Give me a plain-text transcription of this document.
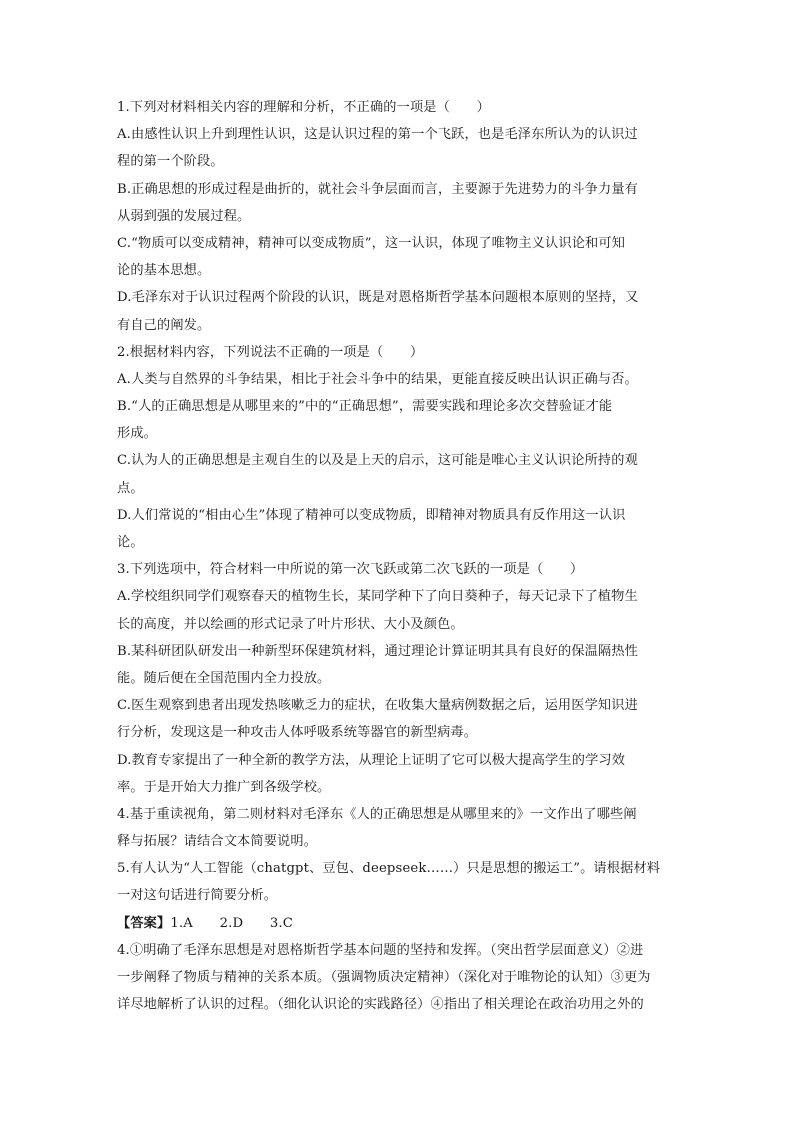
1.下列对材料相关内容的理解和分析，不正确的一项是（　　）
A.由感性认识上升到理性认识，这是认识过程的第一个飞跃，也是毛泽东所认为的认识过
程的第一个阶段。
B.正确思想的形成过程是曲折的，就社会斗争层面而言，主要源于先进势力的斗争力量有
从弱到强的发展过程。
C.“物质可以变成精神，精神可以变成物质”，这一认识，体现了唯物主义认识论和可知
论的基本思想。
D.毛泽东对于认识过程两个阶段的认识，既是对恩格斯哲学基本问题根本原则的坚持，又
有自己的阐发。
2.根据材料内容，下列说法不正确的一项是（　　）
A.人类与自然界的斗争结果，相比于社会斗争中的结果，更能直接反映出认识正确与否。
B.“人的正确思想是从哪里来的”中的“正确思想”，需要实践和理论多次交替验证才能
形成。
C.认为人的正确思想是主观自生的以及是上天的启示，这可能是唯心主义认识论所持的观
点。
D.人们常说的“相由心生”体现了精神可以变成物质，即精神对物质具有反作用这一认识
论。
3.下列选项中，符合材料一中所说的第一次飞跃或第二次飞跃的一项是（　　）
A.学校组织同学们观察春天的植物生长，某同学种下了向日葵种子，每天记录下了植物生
长的高度，并以绘画的形式记录了叶片形状、大小及颜色。
B.某科研团队研发出一种新型环保建筑材料，通过理论计算证明其具有良好的保温隔热性
能。随后便在全国范围内全力投放。
C.医生观察到患者出现发热咳嗽乏力的症状，在收集大量病例数据之后，运用医学知识进
行分析，发现这是一种攻击人体呼吸系统等器官的新型病毒。
D.教育专家提出了一种全新的教学方法，从理论上证明了它可以极大提高学生的学习效
率。于是开始大力推广到各级学校。
4.基于重读视角，第二则材料对毛泽东《人的正确思想是从哪里来的》一文作出了哪些阐
释与拓展？请结合文本简要说明。
5.有人认为“人工智能（chatgpt、豆包、deepseek……）只是思想的搬运工”。请根据材料
一对这句话进行简要分析。
【答案】1.A　　2.D　　3.C
4.①明确了毛泽东思想是对恩格斯哲学基本问题的坚持和发挥。（突出哲学层面意义）②进
一步阐释了物质与精神的关系本质。（强调物质决定精神）（深化对于唯物论的认知）③更为
详尽地解析了认识的过程。（细化认识论的实践路径）④指出了相关理论在政治功用之外的
